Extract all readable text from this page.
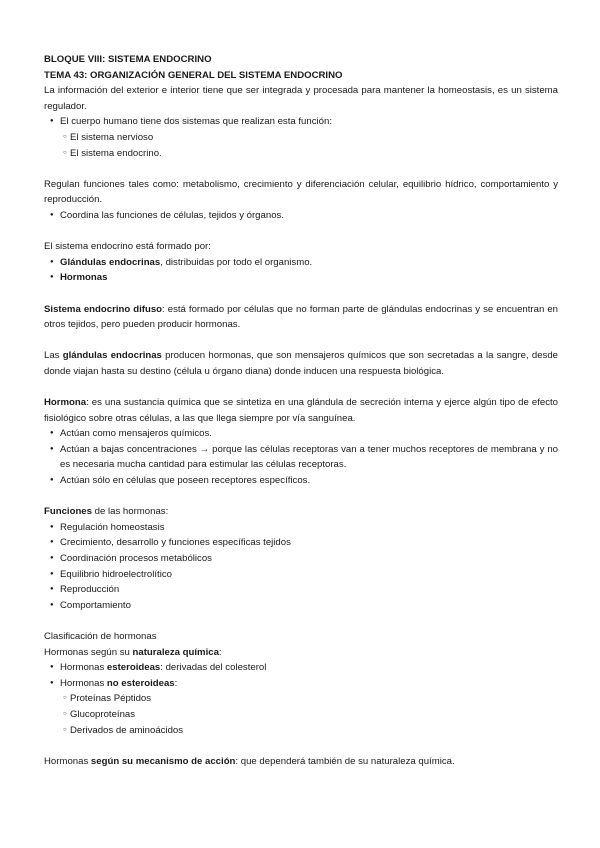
BLOQUE VIII: SISTEMA ENDOCRINO

TEMA 43: ORGANIZACIÓN GENERAL DEL SISTEMA ENDOCRINO

La información del exterior e interior tiene que ser integrada y procesada para mantener la homeostasis, es un sistema regulador.

● El cuerpo humano tiene dos sistemas que realizan esta función:

○ El sistema nervioso

○ El sistema endocrino.

Regulan funciones tales como: metabolismo, crecimiento y diferenciación celular, equilibrio hídrico, comportamiento y reproducción.

● Coordina las funciones de células, tejidos y órganos.

El sistema endocrino está formado por:

● Glándulas endocrinas, distribuidas por todo el organismo.

● Hormonas

Sistema endocrino difuso: está formado por células que no forman parte de glándulas endocrinas y se encuentran en otros tejidos, pero pueden producir hormonas.

Las glándulas endocrinas producen hormonas, que son mensajeros químicos que son secretadas a la sangre, desde donde viajan hasta su destino (célula u órgano diana) donde inducen una respuesta biológica.

Hormona: es una sustancia química que se sintetiza en una glándula de secreción interna y ejerce algún tipo de efecto fisiológico sobre otras células, a las que llega siempre por vía sanguínea.

● Actúan como mensajeros químicos.

● Actúan a bajas concentraciones → porque las células receptoras van a tener muchos receptores de membrana y no es necesaria mucha cantidad para estimular las células receptoras.

● Actúan sólo en células que poseen receptores específicos.

Funciones de las hormonas:

● Regulación homeostasis

● Crecimiento, desarrollo y funciones específicas tejidos

● Coordinación procesos metabólicos

● Equilibrio hidroelectrolítico

● Reproducción

● Comportamiento

Clasificación de hormonas

Hormonas según su naturaleza química:

● Hormonas esteroideas: derivadas del colesterol

● Hormonas no esteroideas:

○ Proteínas Péptidos

○ Glucoproteínas

○ Derivados de aminoácidos

Hormonas según su mecanismo de acción: que dependerá también de su naturaleza química.
